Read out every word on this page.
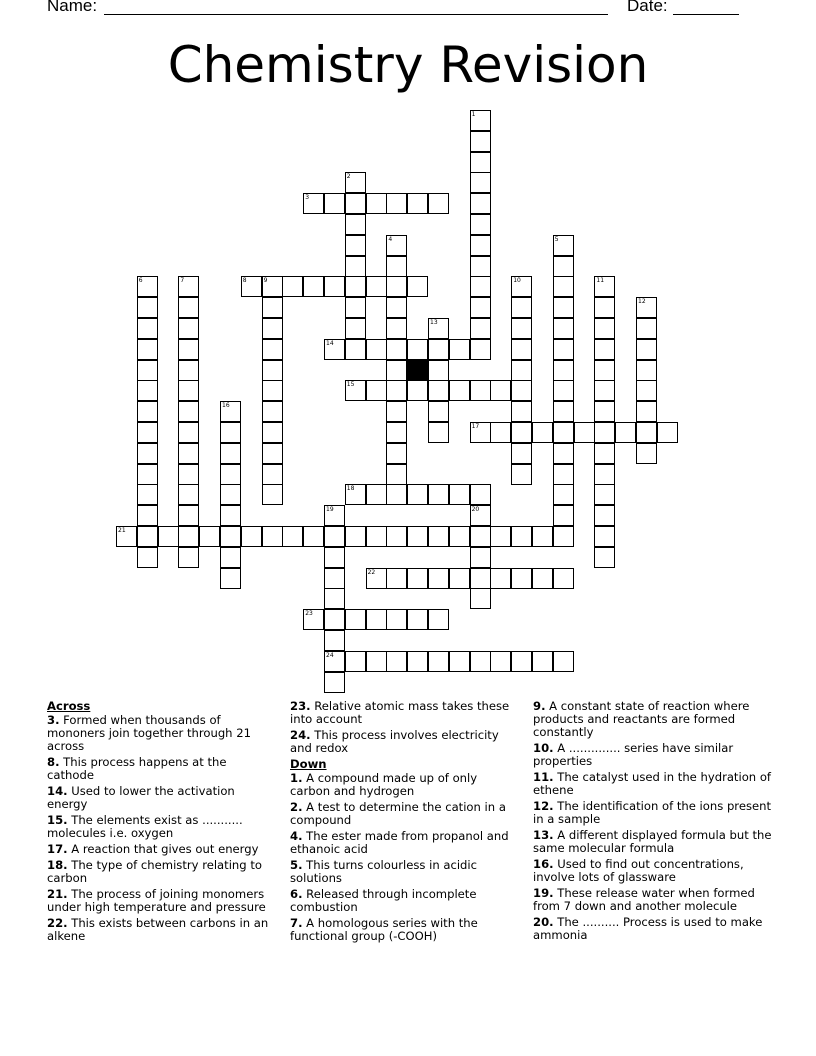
Name:	Date:
Chemistry Revision
1
2
3
4	5
6	7	8	9	10	11
12
13
14
15
16
17
18
19
24
20
21
22
23
Across
3. Formed when thousands of mononers join together through 21 across
8. This process happens at the cathode
14. Used to lower the activation energy
15. The elements exist as ........... molecules i.e. oxygen
17. A reaction that gives out energy
18. The type of chemistry relating to carbon
21. The process of joining monomers under high temperature and pressure
22. This exists between carbons in an alkene
23. Relative atomic mass takes these into account
24. This process involves electricity and redox
Down
1. A compound made up of only carbon and hydrogen
2. A test to determine the cation in a compound
4. The ester made from propanol and ethanoic acid
5. This turns colourless in acidic solutions
6. Released through incomplete combustion
7. A homologous series with the functional group (-COOH)
9. A constant state of reaction where products and reactants are formed constantly
10. A .............. series have similar properties
11. The catalyst used in the hydration of ethene
12. The identification of the ions present in a sample
13. A different displayed formula but the same molecular formula
16. Used to find out concentrations, involve lots of glassware
19. These release water when formed from 7 down and another molecule
20. The .......... Process is used to make ammonia
